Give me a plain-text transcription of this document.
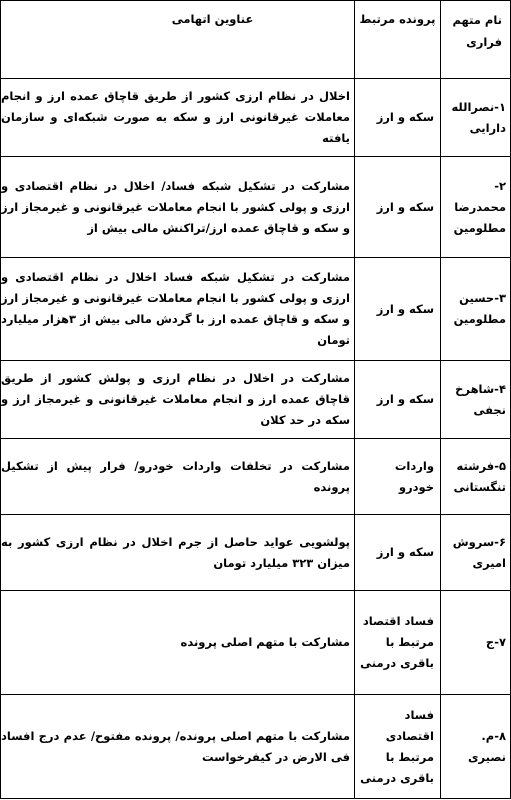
نام متهم فراری	پرونده مرتبط	عناوین اتهامی
۱-نصرالله دارایی	سکه و ارز	اخلال در نظام ارزی کشور از طریق قاچاق عمده ارز و انجام معاملات غیرقانونی ارز و سکه به صورت شبکه‌ای و سازمان یافته
۲-محمدرضا مطلومین	سکه و ارز	مشارکت در تشکیل شبکه فساد/ اخلال در نظام اقتصادی و ارزی و پولی کشور با انجام معاملات غیرقانونی و غیرمجاز ارز و سکه و قاچاق عمده ارز/تراکنش مالی بیش از
۳-حسین مطلومین	سکه و ارز	مشارکت در تشکیل شبکه فساد اخلال در نظام اقتصادی و ارزی و پولی کشور با انجام معاملات غیرقانونی و غیرمجاز ارز و سکه و قاچاق عمده ارز با گردش مالی بیش از ۳هزار میلیارد تومان
۴-شاهرخ نجفی	سکه و ارز	مشارکت در اخلال در نظام ارزی و پولش کشور از طریق قاچاق عمده ارز و انجام معاملات غیرقانونی و غیرمجاز ارز و سکه در حد کلان
۵-فرشته تنگستانی	واردات خودرو	مشارکت در تخلفات واردات خودرو/ فرار پیش از تشکیل پرونده
۶-سروش امیری	سکه و ارز	پولشویی عواید حاصل از جرم اخلال در نظام ارزی کشور به میزان ۳۲۳ میلیارد تومان
۷-ج	فساد اقتصاد مرتبط با باقری درمنی	مشارکت با متهم اصلی پرونده
۸-م. نصیری	فساد اقتصادی مرتبط با باقری درمنی	مشارکت با متهم اصلی پرونده/ پرونده مفتوح/ عدم درج افساد فی الارض در کیفرخواست
